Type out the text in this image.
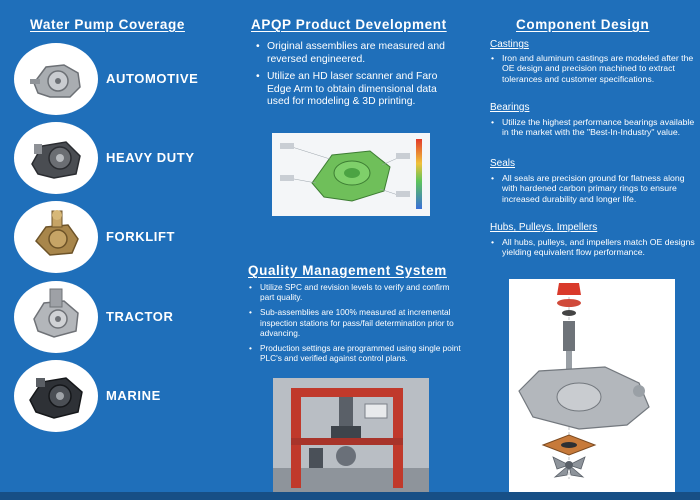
Water Pump Coverage
AUTOMOTIVE
HEAVY DUTY
FORKLIFT
TRACTOR
MARINE
APQP Product Development
• Original assemblies are measured and reversed engineered.
• Utilize an HD laser scanner and Faro Edge Arm to obtain dimensional data used for modeling & 3D printing.
Quality Management System
• Utilize SPC and revision levels to verify and confirm part quality.
• Sub-assemblies are 100% measured at incremental inspection stations for pass/fail determination prior to advancing.
• Production settings are programmed using single point PLC's and verified against control plans.
Component Design
Castings
• Iron and aluminum castings are modeled after the OE design and precision machined to extract tolerances and customer specifications.
Bearings
• Utilize the highest performance bearings available in the market with the "Best-In-Industry" value.
Seals
• All seals are precision ground for flatness along with hardened carbon primary rings to ensure increased durability and longer life.
Hubs, Pulleys, Impellers
• All hubs, pulleys, and impellers match OE designs yielding equivalent flow performance.
